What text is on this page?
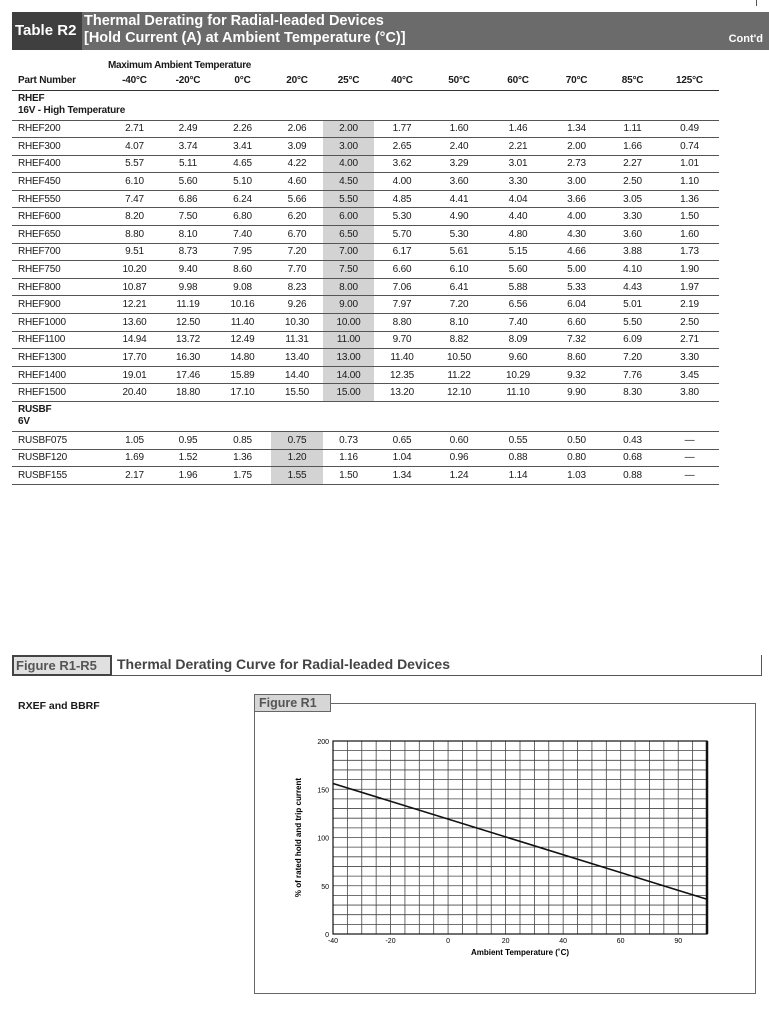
Table R2
Thermal Derating for Radial-leaded Devices
[Hold Current (A) at Ambient Temperature (°C)]	Cont'd
Maximum Ambient Temperature
Part Number	-40°C	-20°C	0°C	20°C	25°C	40°C	50°C	60°C	70°C	85°C	125°C

RHEF
16V - High Temperature											

RHEF200	2.71	2.49	2.26	2.06	2.00	1.77	1.60	1.46	1.34	1.11	0.49
RHEF300	4.07	3.74	3.41	3.09	3.00	2.65	2.40	2.21	2.00	1.66	0.74
RHEF400	5.57	5.11	4.65	4.22	4.00	3.62	3.29	3.01	2.73	2.27	1.01
RHEF450	6.10	5.60	5.10	4.60	4.50	4.00	3.60	3.30	3.00	2.50	1.10
RHEF550	7.47	6.86	6.24	5.66	5.50	4.85	4.41	4.04	3.66	3.05	1.36
RHEF600	8.20	7.50	6.80	6.20	6.00	5.30	4.90	4.40	4.00	3.30	1.50
RHEF650	8.80	8.10	7.40	6.70	6.50	5.70	5.30	4.80	4.30	3.60	1.60
RHEF700	9.51	8.73	7.95	7.20	7.00	6.17	5.61	5.15	4.66	3.88	1.73
RHEF750	10.20	9.40	8.60	7.70	7.50	6.60	6.10	5.60	5.00	4.10	1.90
RHEF800	10.87	9.98	9.08	8.23	8.00	7.06	6.41	5.88	5.33	4.43	1.97
RHEF900	12.21	11.19	10.16	9.26	9.00	7.97	7.20	6.56	6.04	5.01	2.19
RHEF1000	13.60	12.50	11.40	10.30	10.00	8.80	8.10	7.40	6.60	5.50	2.50
RHEF1100	14.94	13.72	12.49	11.31	11.00	9.70	8.82	8.09	7.32	6.09	2.71
RHEF1300	17.70	16.30	14.80	13.40	13.00	11.40	10.50	9.60	8.60	7.20	3.30
RHEF1400	19.01	17.46	15.89	14.40	14.00	12.35	11.22	10.29	9.32	7.76	3.45
RHEF1500	20.40	18.80	17.10	15.50	15.00	13.20	12.10	11.10	9.90	8.30	3.80

RUSBF
6V											

RUSBF075	1.05	0.95	0.85	0.75	0.73	0.65	0.60	0.55	0.50	0.43	—
RUSBF120	1.69	1.52	1.36	1.20	1.16	1.04	0.96	0.88	0.80	0.68	—
RUSBF155	2.17	1.96	1.75	1.55	1.50	1.34	1.24	1.14	1.03	0.88	—
Figure R1-R5	Thermal Derating Curve for Radial-leaded Devices
RXEF and BBRF	Figure R1
-40	-20	0	20	40	60	90
0
50
100
150
200
Ambient Temperature (˚C)
% of rated hold and trip current
